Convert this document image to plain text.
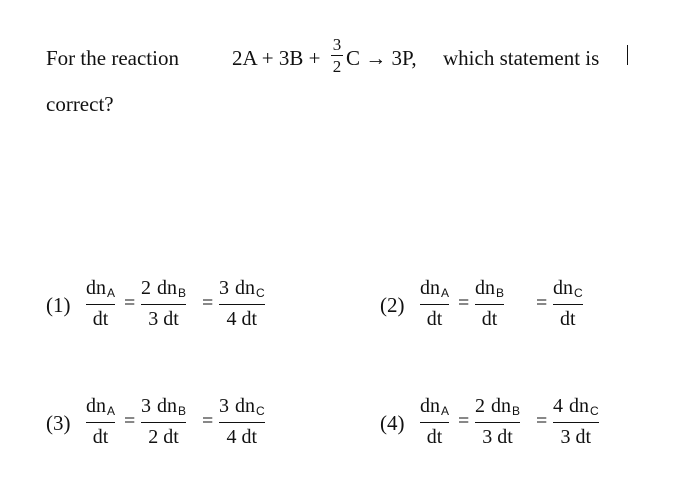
For the reaction	2A + 3B +
3
2 C → 3P, which statement is
correct?
(1)
dn A
dt
2 dn B
3 dt
3 dn C
4 dt
=	=	(2)
dn A
dt
dn B
dt
dn C
dt
=	=
(3)
dn A
dt
3 dn B
2 dt
3 dn C
4 dt
=	=	(4)
dn A
dt
2 dn B
3 dt
4 dn C
3 dt
=	=
